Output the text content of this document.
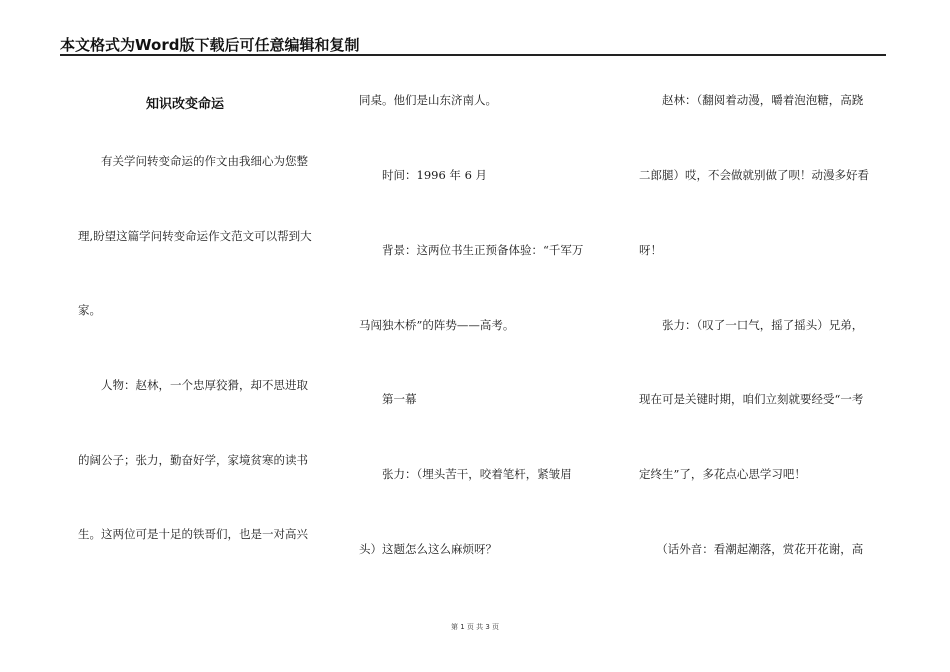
本文格式为Word版下载后可任意编辑和复制
知识改变命运
　　有关学问转变命运的作文由我细心为您整
理,盼望这篇学问转变命运作文范文可以帮到大
家。
　　人物：赵林，一个忠厚狡猾，却不思进取
的阔公子；张力，勤奋好学，家境贫寒的读书
生。这两位可是十足的铁哥们，也是一对高兴
同桌。他们是山东济南人。
　　时间：1996 年 6 月
　　背景：这两位书生正预备体验：“千军万
马闯独木桥”的阵势——高考。
　　第一幕
　　张力：（埋头苦干，咬着笔杆，紧皱眉
头）这题怎么这么麻烦呀？
　　赵林：（翻阅着动漫，嚼着泡泡糖，高跷
二郎腿）哎，不会做就别做了呗！动漫多好看
呀！
　　张力：（叹了一口气，摇了摇头）兄弟，
现在可是关键时期，咱们立刻就要经受“一考
定终生”了，多花点心思学习吧！
　　（话外音：看潮起潮落，赏花开花谢，高
第 1 页 共 3 页
